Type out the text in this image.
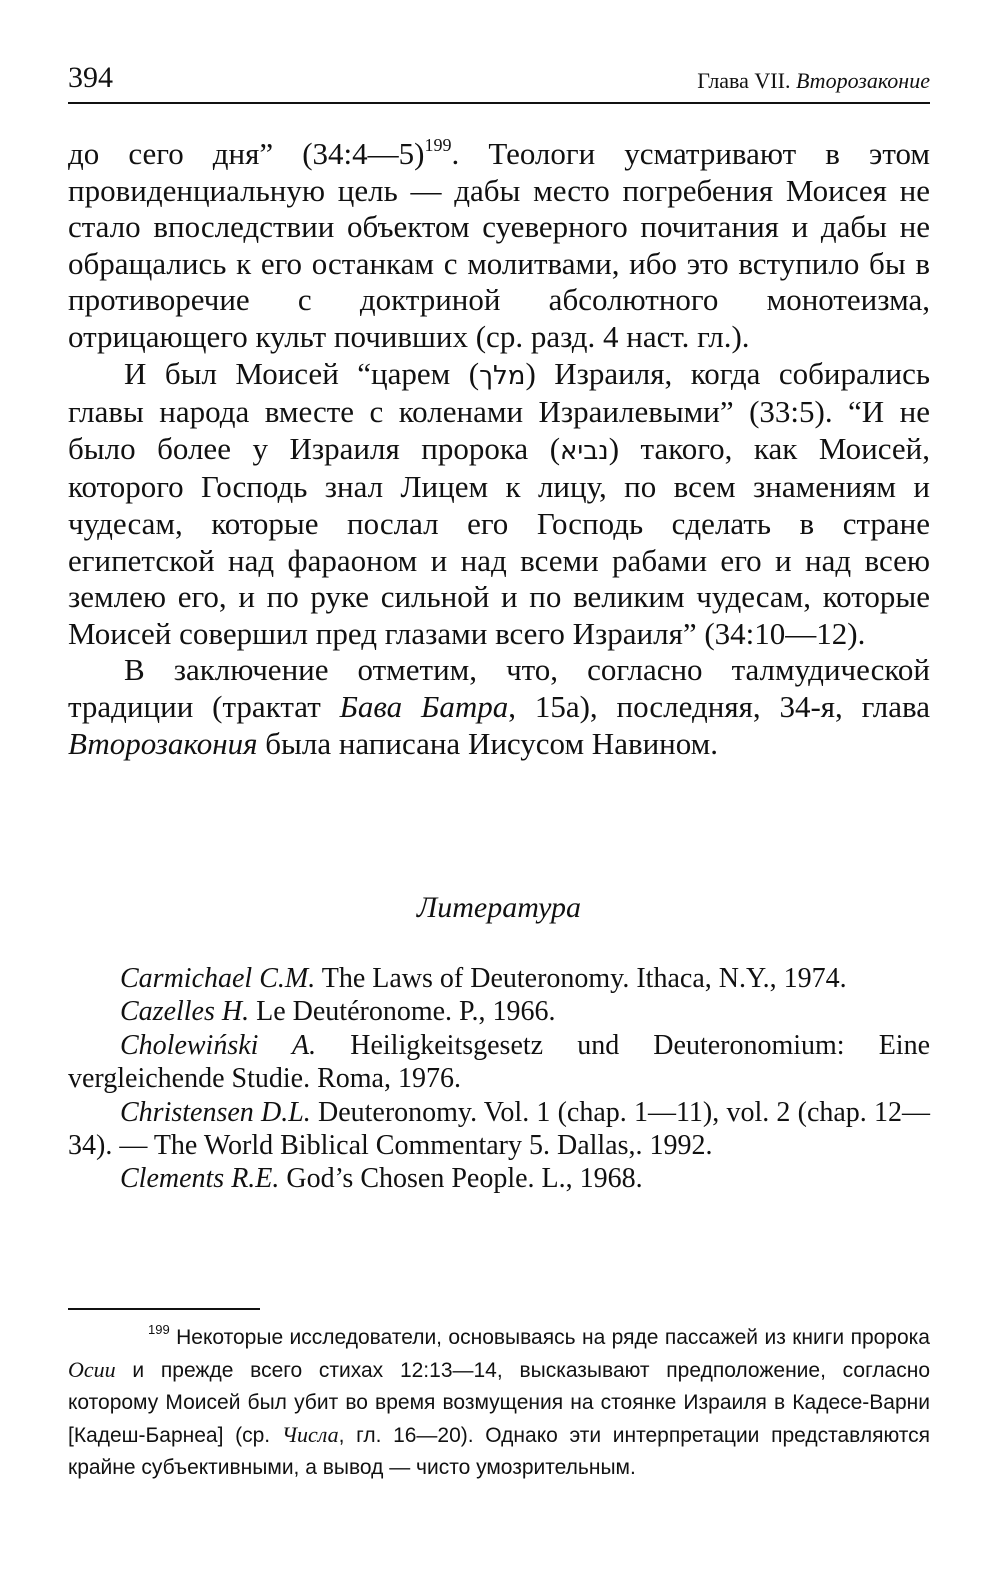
394	Глава VII. Второзаконие

до сего дня” (34:4—5)$^{199}$. Теологи усматривают в этом провиденциальную цель — дабы место погребения Моисея не стало впоследствии объектом суеверного почитания и дабы не обращались к его останкам с молитвами, ибо это вступило бы в противоречие с доктриной абсолютного монотеизма, отрицающего культ почивших (ср. разд. 4 наст. гл.).

И был Моисей “царем (מלך) Израиля, когда собирались главы народа вместе с коленами Израилевыми” (33:5). “И не было более у Израиля пророка (נביא) такого, как Моисей, которого Господь знал Лицем к лицу, по всем знамениям и чудесам, которые послал его Господь сделать в стране египетской над фараоном и над всеми рабами его и над всею землею его, и по руке сильной и по великим чудесам, которые Моисей совершил пред глазами всего Израиля” (34:10—12).

В заключение отметим, что, согласно талмудической традиции (трактат Бава Батра, 15а), последняя, 34-я, глава Второзакония была написана Иисусом Навином.

Литература

Carmichael C.M. The Laws of Deuteronomy. Ithaca, N.Y., 1974.

Cazelles H. Le Deutéronome. P., 1966.

Cholewiński A. Heiligkeitsgesetz und Deuteronomium: Eine vergleichende Studie. Roma, 1976.

Christensen D.L. Deuteronomy. Vol. 1 (chap. 1—11), vol. 2 (chap. 12—34). — The World Biblical Commentary 5. Dallas,. 1992.

Clements R.E. God’s Chosen People. L., 1968.

$^{199}$ Некоторые исследователи, основываясь на ряде пассажей из книги пророка Осии и прежде всего стихах 12:13—14, высказывают предположение, согласно которому Моисей был убит во время возмущения на стоянке Израиля в Кадесе-Варни [Кадеш-Барнеа] (ср. Числа, гл. 16—20). Однако эти интерпретации представляются крайне субъективными, а вывод — чисто умозрительным.
